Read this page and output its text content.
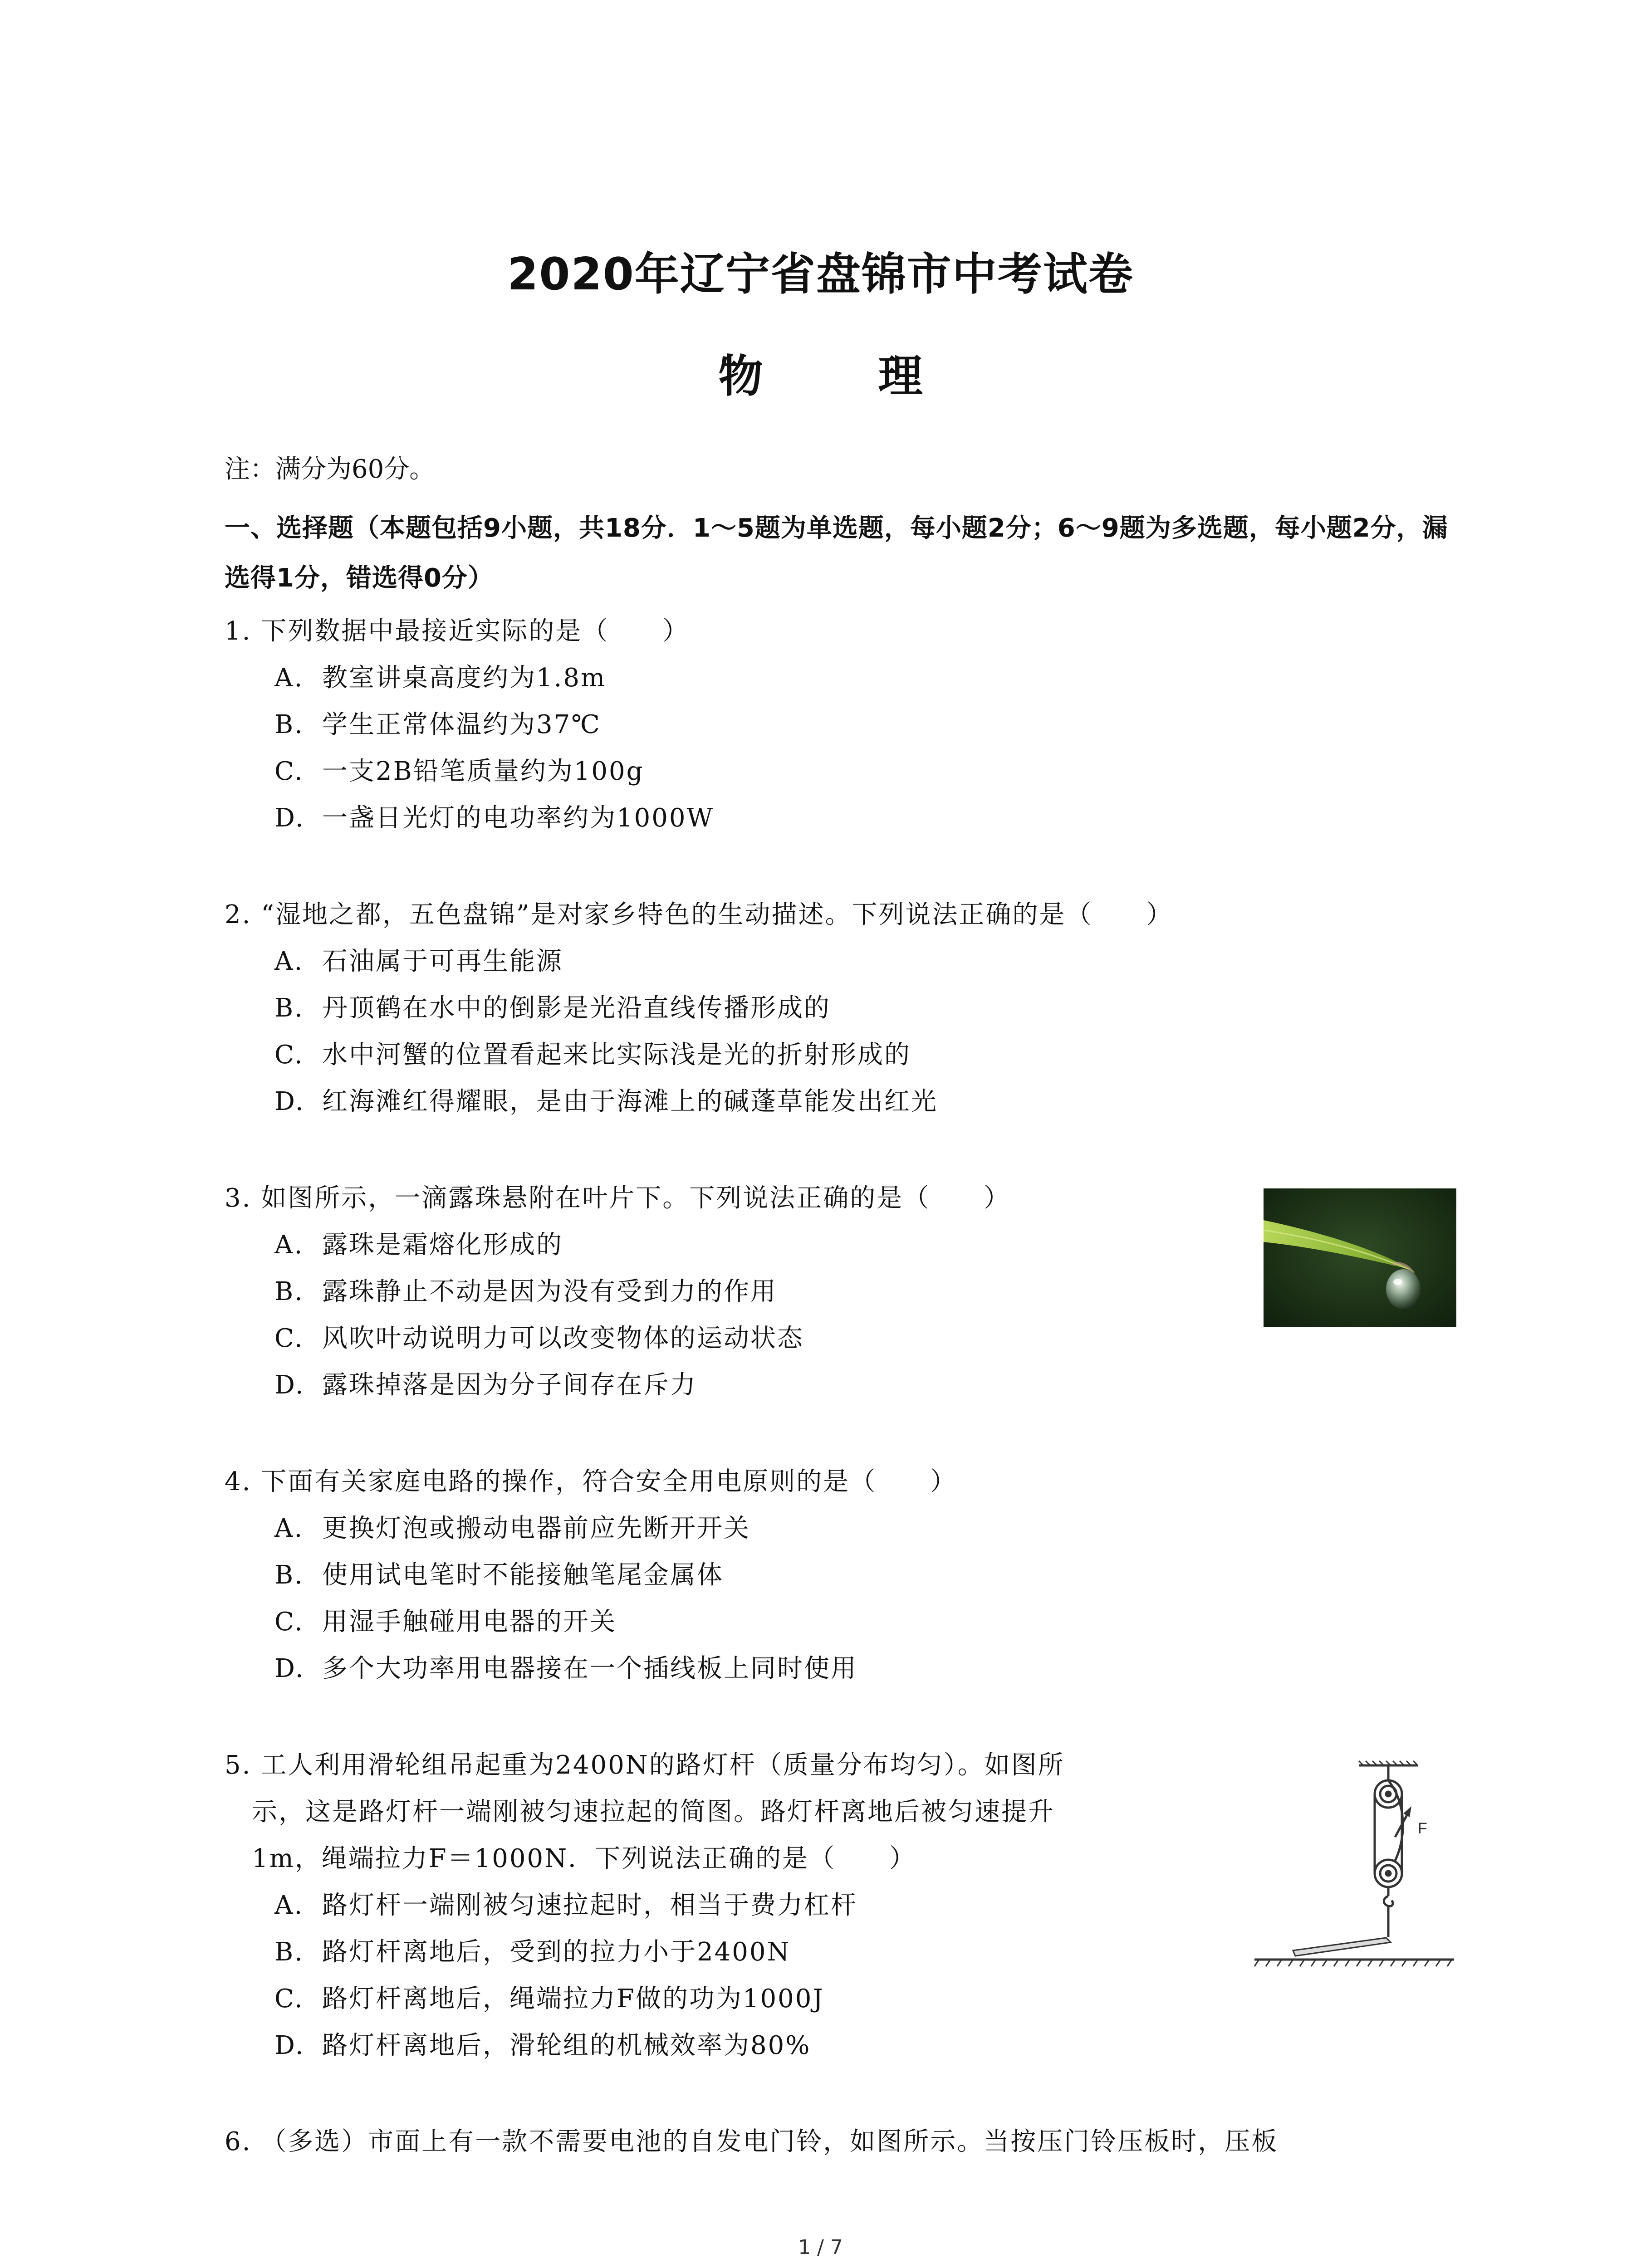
2020年辽宁省盘锦市中考试卷
物 理
注：满分为60分。
一、选择题（本题包括9小题，共18分．1～5题为单选题，每小题2分；6～9题为多选题，每小题2分，漏选得1分，错选得0分）
1. 下列数据中最接近实际的是（　　）
A. 教室讲桌高度约为1.8m
B. 学生正常体温约为37℃
C. 一支2B铅笔质量约为100g
D. 一盏日光灯的电功率约为1000W
2. “湿地之都，五色盘锦”是对家乡特色的生动描述。下列说法正确的是（　　）
A. 石油属于可再生能源
B. 丹顶鹤在水中的倒影是光沿直线传播形成的
C. 水中河蟹的位置看起来比实际浅是光的折射形成的
D. 红海滩红得耀眼，是由于海滩上的碱蓬草能发出红光
3. 如图所示，一滴露珠悬附在叶片下。下列说法正确的是（　　）
A. 露珠是霜熔化形成的
B. 露珠静止不动是因为没有受到力的作用
C. 风吹叶动说明力可以改变物体的运动状态
D. 露珠掉落是因为分子间存在斥力
4. 下面有关家庭电路的操作，符合安全用电原则的是（　　）
A. 更换灯泡或搬动电器前应先断开开关
B. 使用试电笔时不能接触笔尾金属体
C. 用湿手触碰用电器的开关
D. 多个大功率用电器接在一个插线板上同时使用
5. 工人利用滑轮组吊起重为2400N的路灯杆（质量分布均匀）。如图所
示，这是路灯杆一端刚被匀速拉起的简图。路灯杆离地后被匀速提升
1m，绳端拉力F＝1000N．下列说法正确的是（　　）
A. 路灯杆一端刚被匀速拉起时，相当于费力杠杆
B. 路灯杆离地后，受到的拉力小于2400N
C. 路灯杆离地后，绳端拉力F做的功为1000J
D. 路灯杆离地后，滑轮组的机械效率为80%
F
6. （多选）市面上有一款不需要电池的自发电门铃，如图所示。当按压门铃压板时，压板
1 / 7
